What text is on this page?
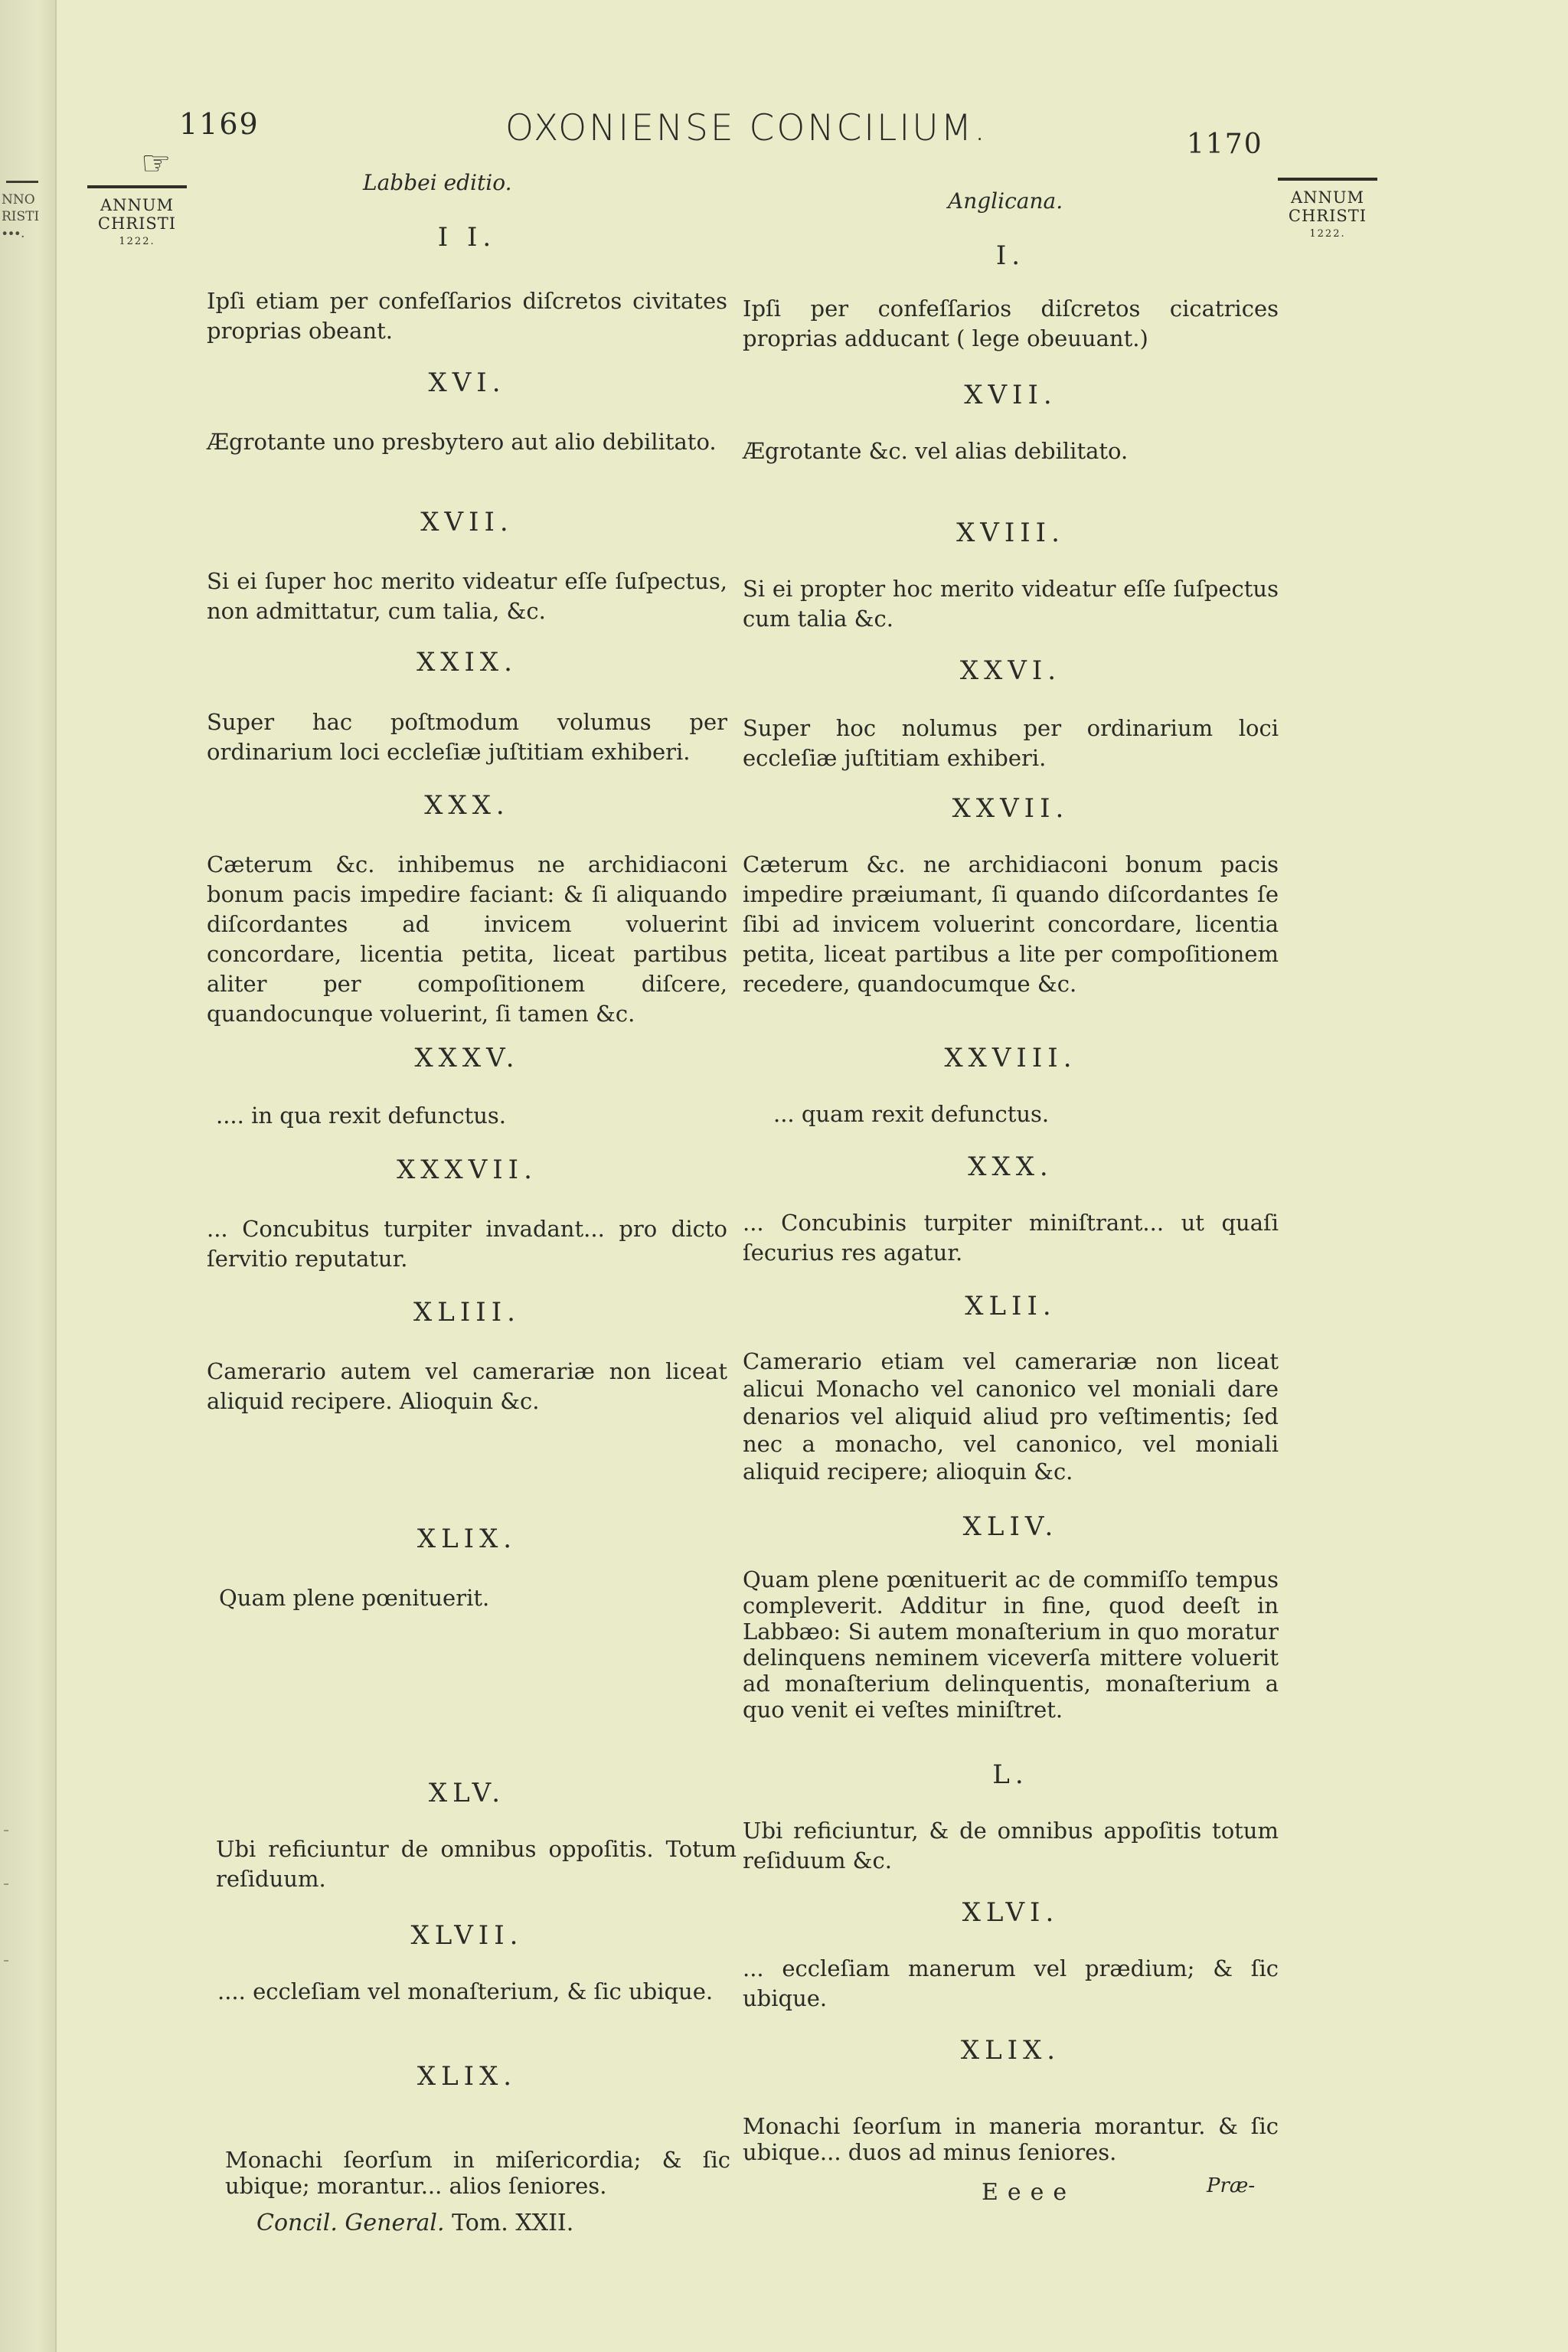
NNO
RISTI
∙∙∙.
1169	OXONIENSE CONCILIUM.	1170
☞
ANNUM
CHRISTI
1222.
ANNUM
CHRISTI
1222.
Labbei editio.
I I.
Ipſi etiam per confeſſarios diſcretos civitates proprias obeant.
XVI.
Ægrotante uno presbytero aut alio debilitato.
XVII.
Si ei ſuper hoc merito videatur eſſe ſuſpectus, non admittatur, cum talia, &c.
XXIX.
Super hac poſtmodum volumus per ordinarium loci eccleſiæ juſtitiam exhiberi.
XXX.
Cæterum &c. inhibemus ne archidiaconi bonum pacis impedire faciant: & ſi aliquando diſcordantes ad invicem voluerint concordare, licentia petita, liceat partibus aliter per compoſitionem diſcere, quandocunque voluerint, ſi tamen &c.
XXXV.
.... in qua rexit defunctus.
XXXVII.
... Concubitus turpiter invadant... pro dicto ſervitio reputatur.
XLIII.
Camerario autem vel camerariæ non liceat aliquid recipere. Alioquin &c.
XLIX.
Quam plene pœnituerit.
XLV.
Ubi reficiuntur de omnibus oppoſitis. Totum reſiduum.
XLVII.
.... eccleſiam vel monaſterium, & ſic ubique.
XLIX.
Monachi ſeorſum in miſericordia; & ſic ubique; morantur... alios ſeniores.
Anglicana.
I.
Ipſi per confeſſarios diſcretos cicatrices proprias adducant ( lege obeuuant.)
XVII.
Ægrotante &c. vel alias debilitato.
XVIII.
Si ei propter hoc merito videatur eſſe ſuſpectus cum talia &c.
XXVI.
Super hoc nolumus per ordinarium loci eccleſiæ juſtitiam exhiberi.
XXVII.
Cæterum &c. ne archidiaconi bonum pacis impedire præiumant, ſi quando diſcordantes ſe ſibi ad invicem voluerint concordare, licentia petita, liceat partibus a lite per compoſitionem recedere, quandocumque &c.
XXVIII.
... quam rexit defunctus.
XXX.
... Concubinis turpiter miniſtrant... ut quaſi ſecurius res agatur.
XLII.
Camerario etiam vel camerariæ non liceat alicui Monacho vel canonico vel moniali dare denarios vel aliquid aliud pro veſtimentis; ſed nec a monacho, vel canonico, vel moniali aliquid recipere; alioquin &c.
XLIV.
Quam plene pœnituerit ac de commiſſo tempus compleverit. Additur in fine, quod deeſt in Labbæo: Si autem monaſterium in quo moratur delinquens neminem viceverſa mittere voluerit ad monaſterium delinquentis, monaſterium a quo venit ei veſtes miniſtret.
L.
Ubi reficiuntur, & de omnibus appoſitis totum reſiduum &c.
XLVI.
... eccleſiam manerum vel prædium; & ſic ubique.
XLIX.
Monachi ſeorſum in maneria morantur. & ſic ubique... duos ad minus ſeniores.
Concil. General. Tom. XXII.
Eeee	Præ-
